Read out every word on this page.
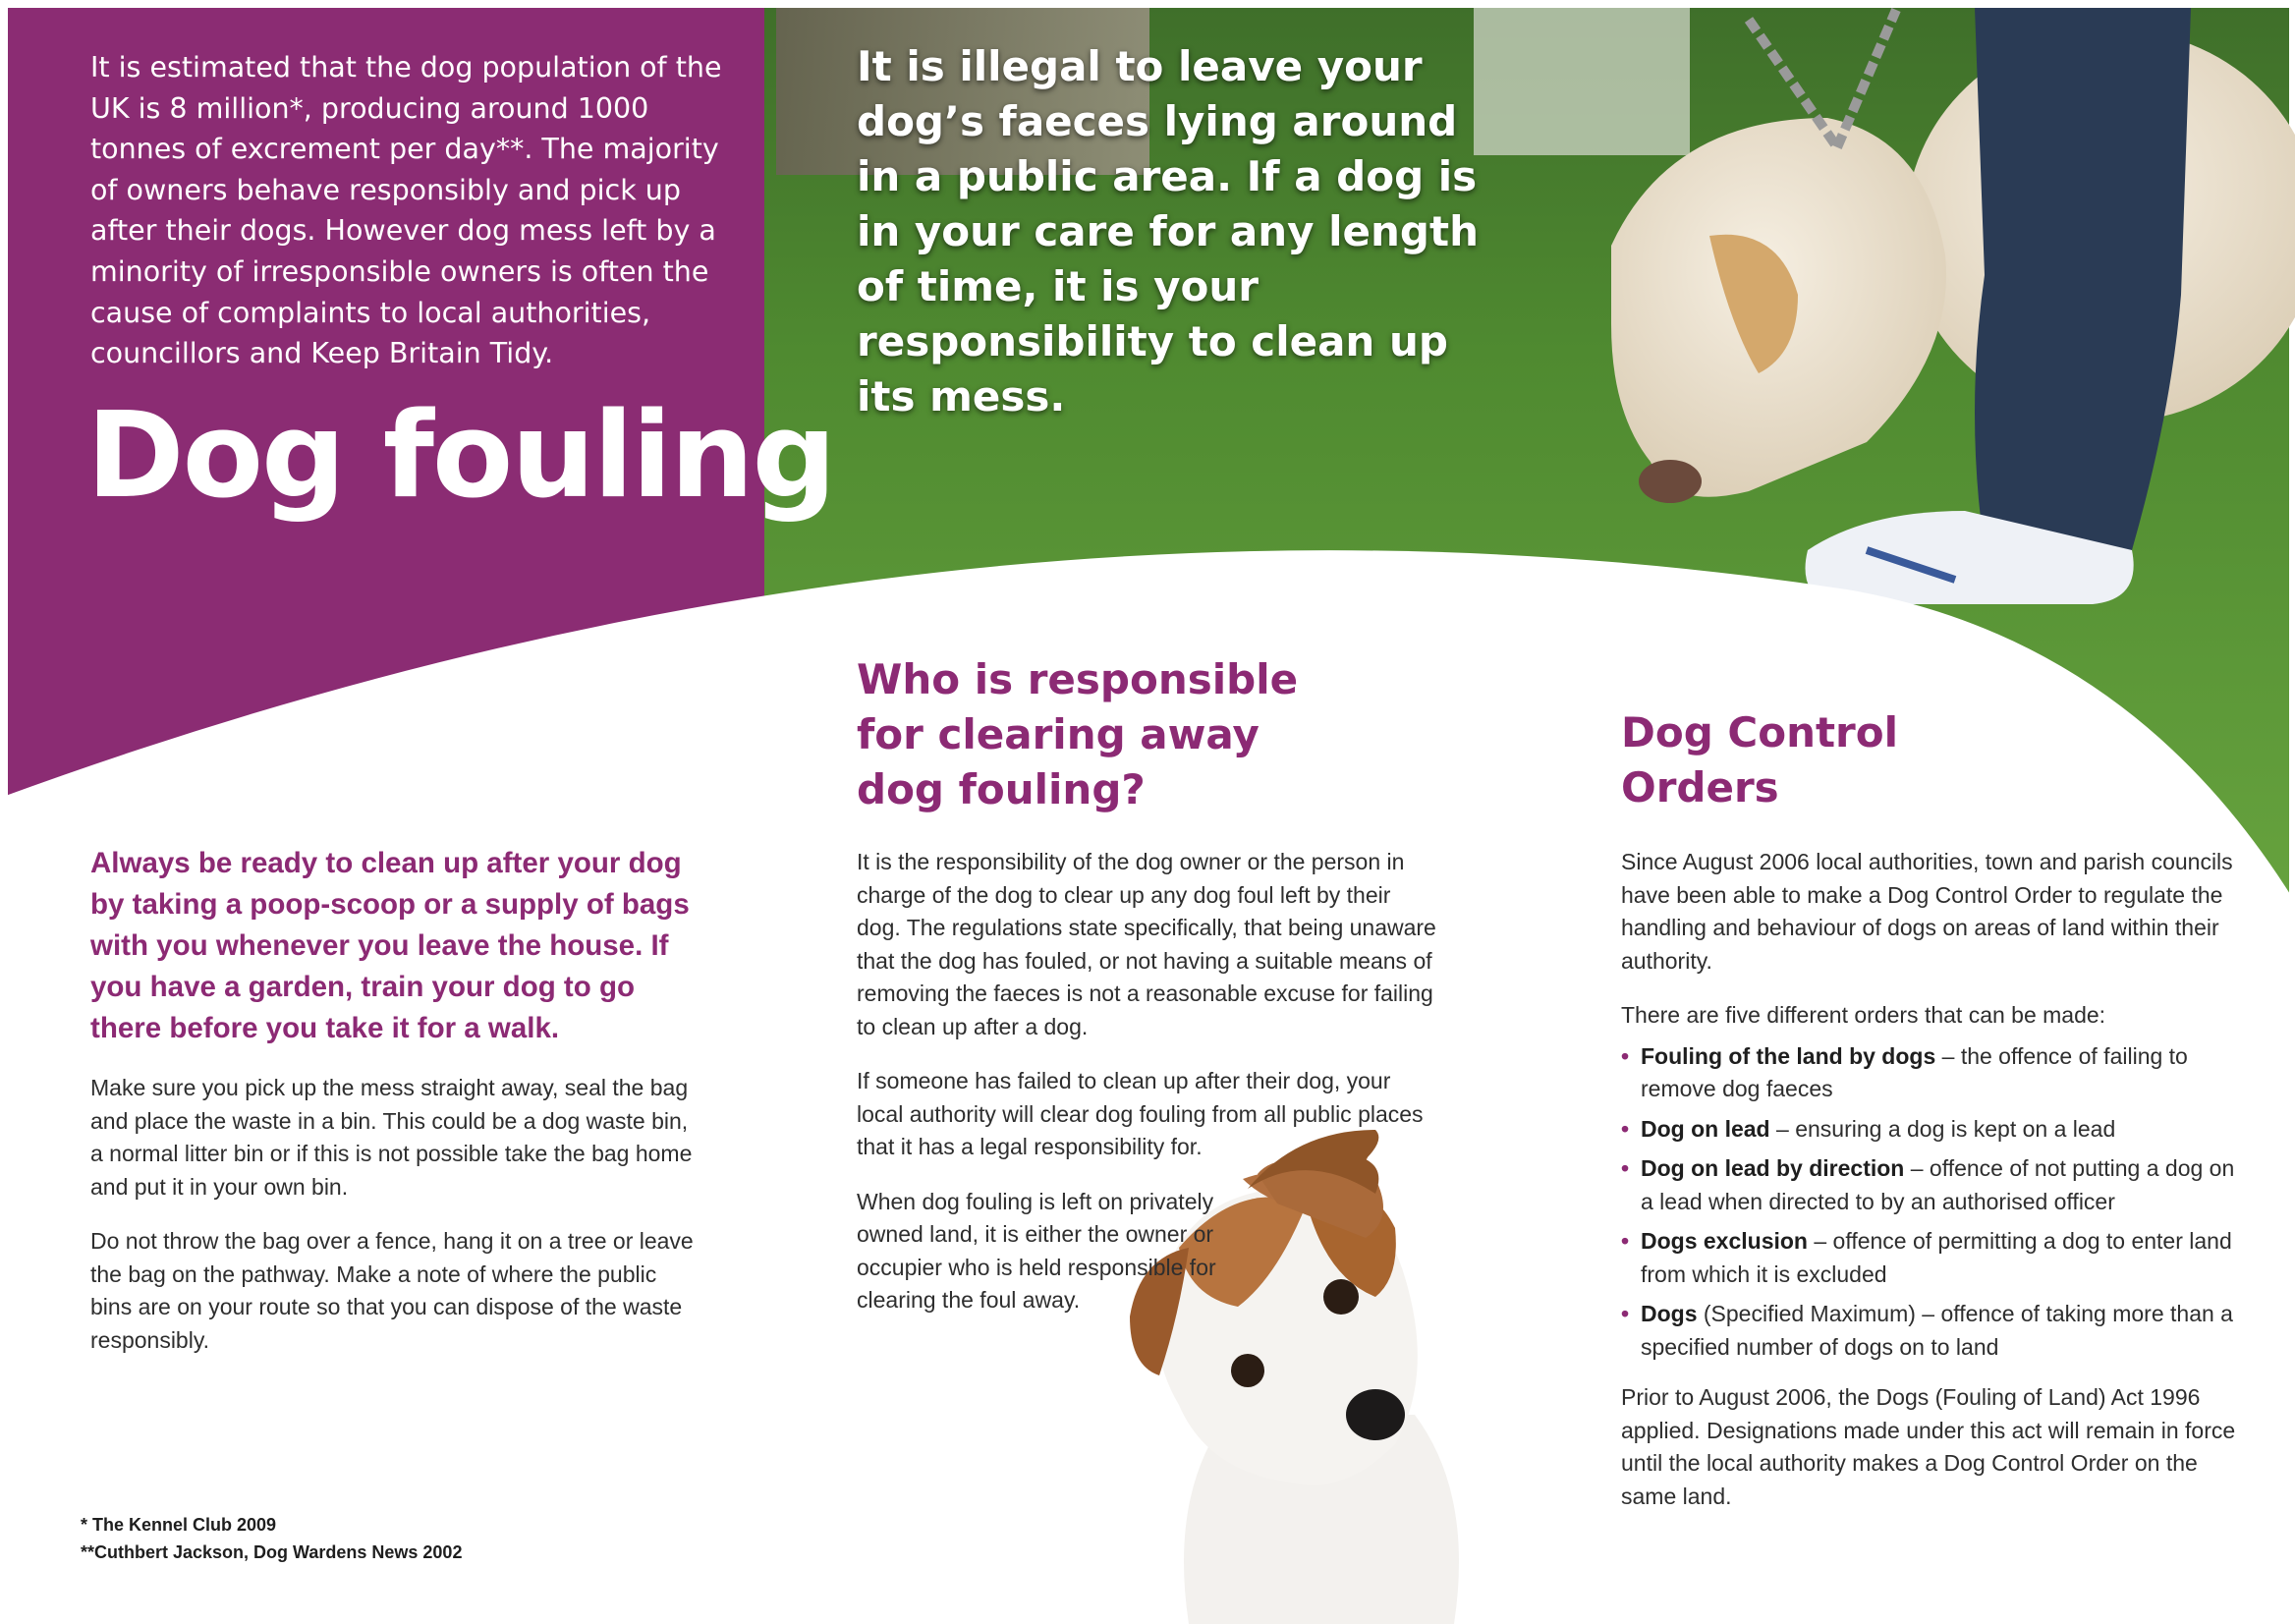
It is estimated that the dog population of the UK is 8 million*, producing around 1000 tonnes of excrement per day**. The majority of owners behave responsibly and pick up after their dogs. However dog mess left by a minority of irresponsible owners is often the cause of complaints to local authorities, councillors and Keep Britain Tidy.
Dog fouling
It is illegal to leave your dog’s faeces lying around in a public area. If a dog is in your care for any length of time, it is your responsibility to clean up its mess.
Always be ready to clean up after your dog by taking a poop-scoop or a supply of bags with you whenever you leave the house. If you have a garden, train your dog to go there before you take it for a walk.

Make sure you pick up the mess straight away, seal the bag and place the waste in a bin. This could be a dog waste bin, a normal litter bin or if this is not possible take the bag home and put it in your own bin.

Do not throw the bag over a fence, hang it on a tree or leave the bag on the pathway. Make a note of where the public bins are on your route so that you can dispose of the waste responsibly.

* The Kennel Club 2009
**Cuthbert Jackson, Dog Wardens News 2002
Who is responsible for clearing away dog fouling?

It is the responsibility of the dog owner or the person in charge of the dog to clear up any dog foul left by their dog. The regulations state specifically, that being unaware that the dog has fouled, or not having a suitable means of removing the faeces is not a reasonable excuse for failing to clean up after a dog.

If someone has failed to clean up after their dog, your local authority will clear dog fouling from all public places that it has a legal responsibility for.

When dog fouling is left on privately owned land, it is either the owner or occupier who is held responsible for clearing the foul away.

Dog Control Orders

Since August 2006 local authorities, town and parish councils have been able to make a Dog Control Order to regulate the handling and behaviour of dogs on areas of land within their authority.

There are five different orders that can be made:

• Fouling of the land by dogs – the offence of failing to remove dog faeces
• Dog on lead – ensuring a dog is kept on a lead
• Dog on lead by direction – offence of not putting a dog on a lead when directed to by an authorised officer
• Dogs exclusion – offence of permitting a dog to enter land from which it is excluded
• Dogs (Specified Maximum) – offence of taking more than a specified number of dogs on to land

Prior to August 2006, the Dogs (Fouling of Land) Act 1996 applied. Designations made under this act will remain in force until the local authority makes a Dog Control Order on the same land.
